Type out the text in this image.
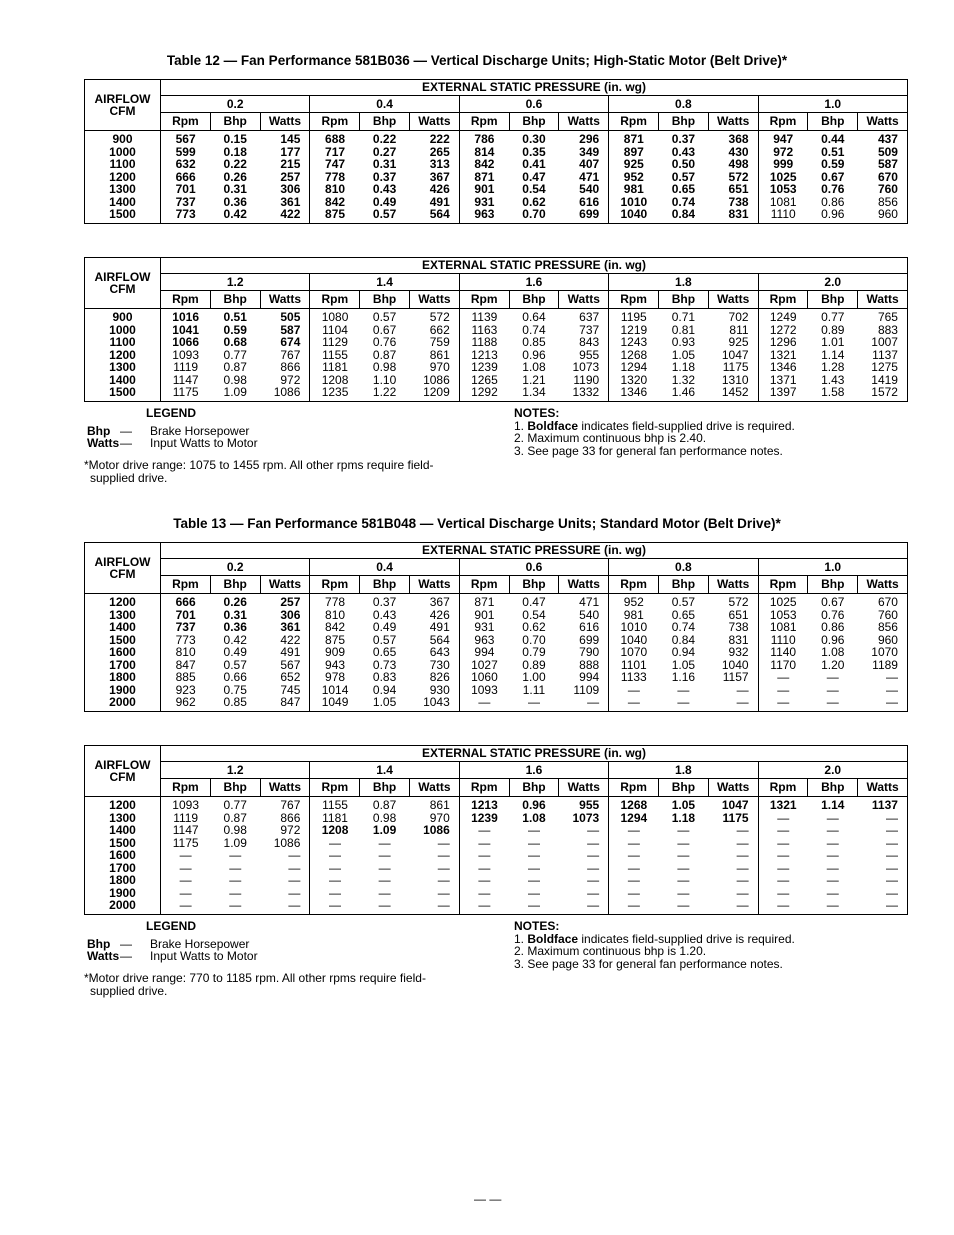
Table 12 — Fan Performance 581B036 — Vertical Discharge Units; High-Static Motor (Belt Drive)*
AIRFLOW
CFM	EXTERNAL STATIC PRESSURE (in. wg)														
	0.2			0.4			0.6			0.8			1.0		
	Rpm	Bhp	Watts	Rpm	Bhp	Watts	Rpm	Bhp	Watts	Rpm	Bhp	Watts	Rpm	Bhp	Watts
900	567	0.15	145	688	0.22	222	786	0.30	296	871	0.37	368	947	0.44	437
1000	599	0.18	177	717	0.27	265	814	0.35	349	897	0.43	430	972	0.51	509
1100	632	0.22	215	747	0.31	313	842	0.41	407	925	0.50	498	999	0.59	587
1200	666	0.26	257	778	0.37	367	871	0.47	471	952	0.57	572	1025	0.67	670
1300	701	0.31	306	810	0.43	426	901	0.54	540	981	0.65	651	1053	0.76	760
1400	737	0.36	361	842	0.49	491	931	0.62	616	1010	0.74	738	1081	0.86	856
1500	773	0.42	422	875	0.57	564	963	0.70	699	1040	0.84	831	1110	0.96	960
AIRFLOW
CFM	EXTERNAL STATIC PRESSURE (in. wg)														
	1.2			1.4			1.6			1.8			2.0		
	Rpm	Bhp	Watts	Rpm	Bhp	Watts	Rpm	Bhp	Watts	Rpm	Bhp	Watts	Rpm	Bhp	Watts
900	1016	0.51	505	1080	0.57	572	1139	0.64	637	1195	0.71	702	1249	0.77	765
1000	1041	0.59	587	1104	0.67	662	1163	0.74	737	1219	0.81	811	1272	0.89	883
1100	1066	0.68	674	1129	0.76	759	1188	0.85	843	1243	0.93	925	1296	1.01	1007
1200	1093	0.77	767	1155	0.87	861	1213	0.96	955	1268	1.05	1047	1321	1.14	1137
1300	1119	0.87	866	1181	0.98	970	1239	1.08	1073	1294	1.18	1175	1346	1.28	1275
1400	1147	0.98	972	1208	1.10	1086	1265	1.21	1190	1320	1.32	1310	1371	1.43	1419
1500	1175	1.09	1086	1235	1.22	1209	1292	1.34	1332	1346	1.46	1452	1397	1.58	1572
LEGEND
Bhp —	Brake Horsepower
Watts —	Input Watts to Motor
*Motor drive range: 1075 to 1455 rpm. All other rpms require field-
supplied drive.
NOTES:
1. Boldface indicates field-supplied drive is required.
2. Maximum continuous bhp is 2.40.
3. See page 33 for general fan performance notes.
Table 13 — Fan Performance 581B048 — Vertical Discharge Units; Standard Motor (Belt Drive)*
AIRFLOW
CFM	EXTERNAL STATIC PRESSURE (in. wg)														
	0.2			0.4			0.6			0.8			1.0		
	Rpm	Bhp	Watts	Rpm	Bhp	Watts	Rpm	Bhp	Watts	Rpm	Bhp	Watts	Rpm	Bhp	Watts
1200	666	0.26	257	778	0.37	367	871	0.47	471	952	0.57	572	1025	0.67	670
1300	701	0.31	306	810	0.43	426	901	0.54	540	981	0.65	651	1053	0.76	760
1400	737	0.36	361	842	0.49	491	931	0.62	616	1010	0.74	738	1081	0.86	856
1500	773	0.42	422	875	0.57	564	963	0.70	699	1040	0.84	831	1110	0.96	960
1600	810	0.49	491	909	0.65	643	994	0.79	790	1070	0.94	932	1140	1.08	1070
1700	847	0.57	567	943	0.73	730	1027	0.89	888	1101	1.05	1040	1170	1.20	1189
1800	885	0.66	652	978	0.83	826	1060	1.00	994	1133	1.16	1157	—	—	—
1900	923	0.75	745	1014	0.94	930	1093	1.11	1109	—	—	—	—	—	—
2000	962	0.85	847	1049	1.05	1043	—	—	—	—	—	—	—	—	—
AIRFLOW
CFM	EXTERNAL STATIC PRESSURE (in. wg)														
	1.2			1.4			1.6			1.8			2.0		
	Rpm	Bhp	Watts	Rpm	Bhp	Watts	Rpm	Bhp	Watts	Rpm	Bhp	Watts	Rpm	Bhp	Watts
1200	1093	0.77	767	1155	0.87	861	1213	0.96	955	1268	1.05	1047	1321	1.14	1137
1300	1119	0.87	866	1181	0.98	970	1239	1.08	1073	1294	1.18	1175	—	—	—
1400	1147	0.98	972	1208	1.09	1086	—	—	—	—	—	—	—	—	—
1500	1175	1.09	1086	—	—	—	—	—	—	—	—	—	—	—	—
1600	—	—	—	—	—	—	—	—	—	—	—	—	—	—	—
1700	—	—	—	—	—	—	—	—	—	—	—	—	—	—	—
1800	—	—	—	—	—	—	—	—	—	—	—	—	—	—	—
1900	—	—	—	—	—	—	—	—	—	—	—	—	—	—	—
2000	—	—	—	—	—	—	—	—	—	—	—	—	—	—	—
LEGEND
Bhp —	Brake Horsepower
Watts —	Input Watts to Motor
*Motor drive range: 770 to 1185 rpm. All other rpms require field-
supplied drive.
NOTES:
1. Boldface indicates field-supplied drive is required.
2. Maximum continuous bhp is 1.20.
3. See page 33 for general fan performance notes.
— —
